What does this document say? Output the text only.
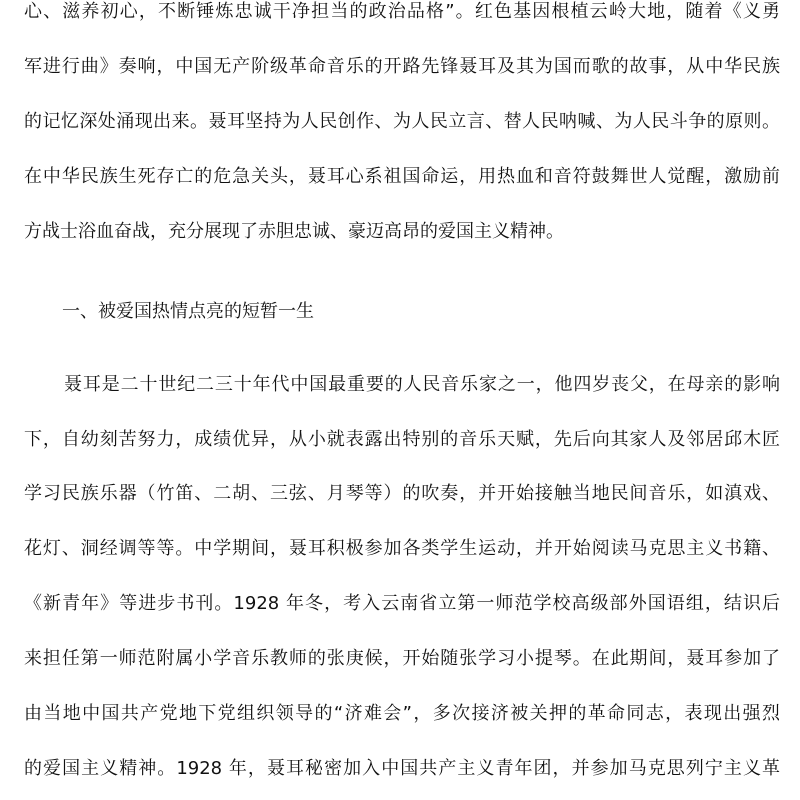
心、滋养初心，不断锤炼忠诚干净担当的政治品格”。红色基因根植云岭大地，随着《义勇
军进行曲》奏响，中国无产阶级革命音乐的开路先锋聂耳及其为国而歌的故事，从中华民族
的记忆深处涌现出来。聂耳坚持为人民创作、为人民立言、替人民呐喊、为人民斗争的原则。
在中华民族生死存亡的危急关头，聂耳心系祖国命运，用热血和音符鼓舞世人觉醒，激励前
方战士浴血奋战，充分展现了赤胆忠诚、豪迈高昂的爱国主义精神。
一、被爱国热情点亮的短暂一生
聂耳是二十世纪二三十年代中国最重要的人民音乐家之一，他四岁丧父，在母亲的影响
下，自幼刻苦努力，成绩优异，从小就表露出特别的音乐天赋，先后向其家人及邻居邱木匠
学习民族乐器（竹笛、二胡、三弦、月琴等）的吹奏，并开始接触当地民间音乐，如滇戏、
花灯、洞经调等等。中学期间，聂耳积极参加各类学生运动，并开始阅读马克思主义书籍、
《新青年》等进步书刊。1928 年冬，考入云南省立第一师范学校高级部外国语组，结识后
来担任第一师范附属小学音乐教师的张庚候，开始随张学习小提琴。在此期间，聂耳参加了
由当地中国共产党地下党组织领导的“济难会”，多次接济被关押的革命同志，表现出强烈
的爱国主义精神。1928 年，聂耳秘密加入中国共产主义青年团，并参加马克思列宁主义革
